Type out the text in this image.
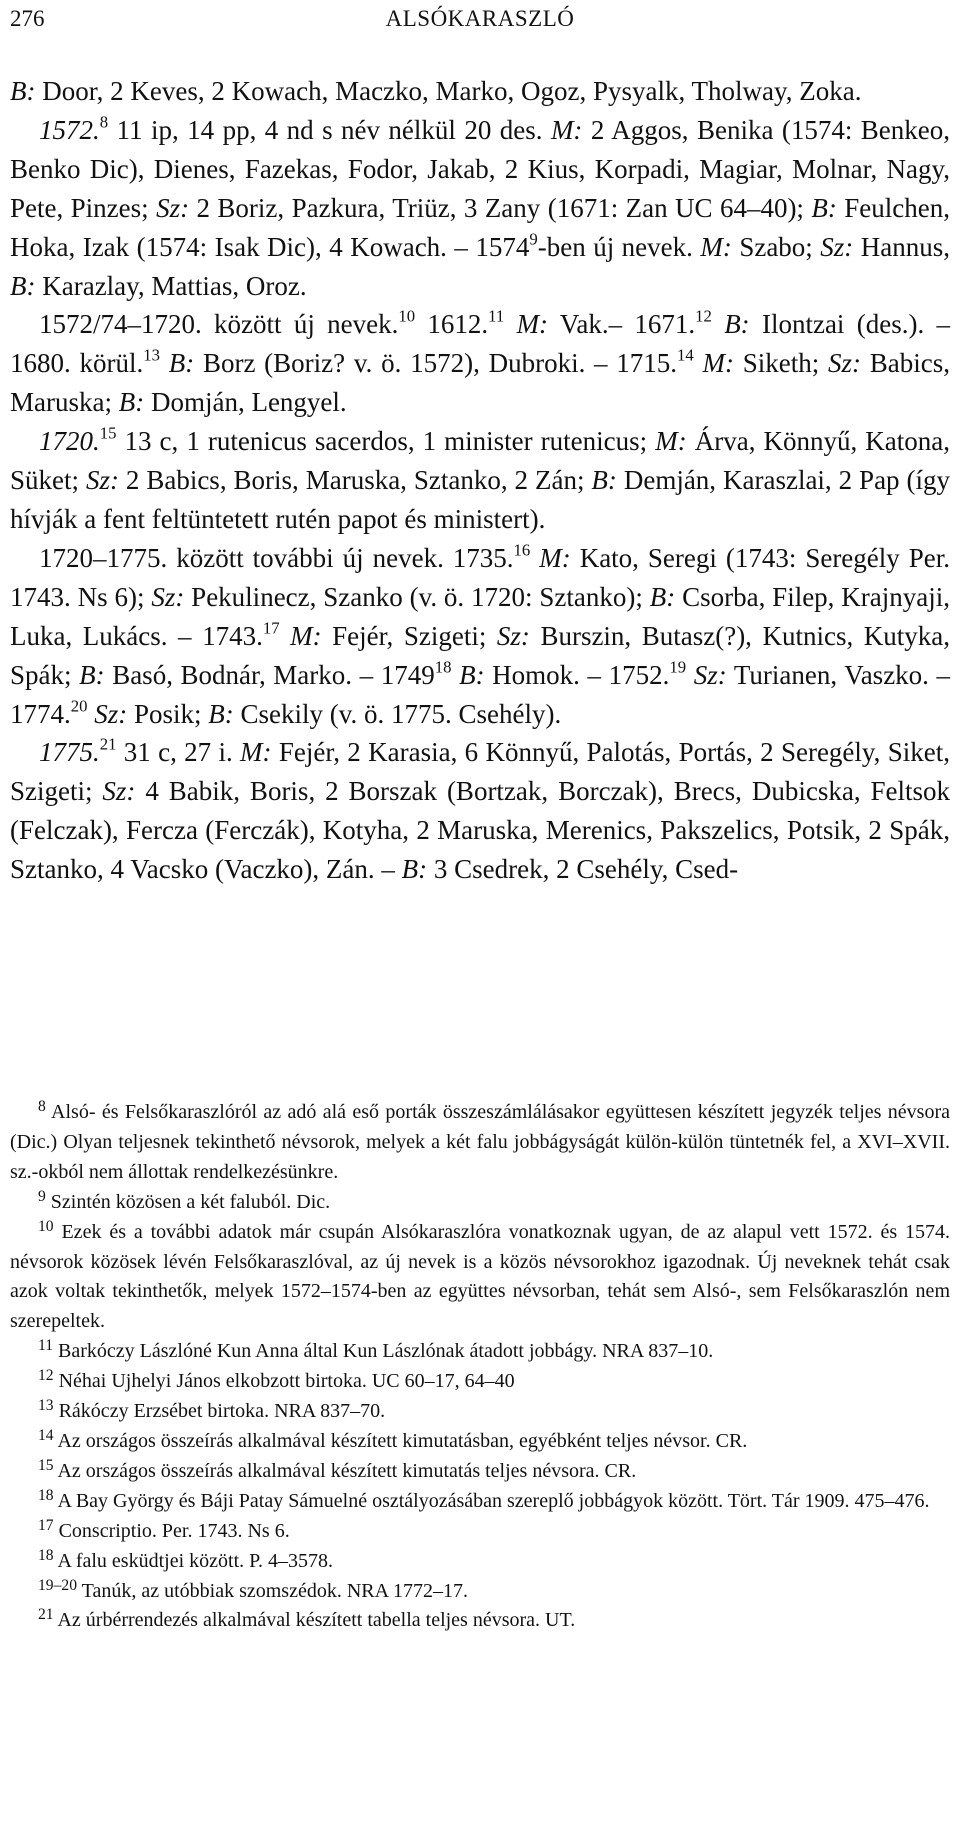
276	ALSÓKARASZLÓ

B: Door, 2 Keves, 2 Kowach, Maczko, Marko, Ogoz, Pysyalk, Tholway, Zoka.

1572.$^8$ 11 ip, 14 pp, 4 nd s név nélkül 20 des. M: 2 Aggos, Benika (1574: Benkeo, Benko Dic), Dienes, Fazekas, Fodor, Jakab, 2 Kius, Korpadi, Magiar, Molnar, Nagy, Pete, Pinzes; Sz: 2 Boriz, Pazkura, Triüz, 3 Zany (1671: Zan UC 64–40); B: Feulchen, Hoka, Izak (1574: Isak Dic), 4 Kowach. – 1574$^9$-ben új nevek. M: Szabo; Sz: Hannus, B: Karazlay, Mattias, Oroz.

1572/74–1720. között új nevek.$^{10}$ 1612.11 M: Vak.– 1671.12 B: Ilontzai (des.). – 1680. körül.$^{13}$ B: Borz (Boriz? v. ö. 1572), Dubroki. – 1715.14 M: Siketh; Sz: Babics, Maruska; B: Domján, Lengyel.

1720.15 13 c, 1 rutenicus sacerdos, 1 minister rutenicus; M: Árva, Könnyű, Katona, Süket; Sz: 2 Babics, Boris, Maruska, Sztanko, 2 Zán; B: Demján, Karaszlai, 2 Pap (így hívják a fent feltüntetett rutén papot és ministert).

1720–1775. között további új nevek. 1735.16 M: Kato, Seregi (1743: Seregély Per. 1743. Ns 6); Sz: Pekulinecz, Szanko (v. ö. 1720: Sztanko); B: Csorba, Filep, Krajnyaji, Luka, Lukács. – 1743.17 M: Fejér, Szigeti; Sz: Burszin, Butasz(?), Kutnics, Kutyka, Spák; B: Basó, Bodnár, Marko. – 1749$^{18}$ B: Homok. – 1752.19 Sz: Turianen, Vaszko. – 1774.20 Sz: Posik; B: Csekily (v. ö. 1775. Csehély).

1775.21 31 c, 27 i. M: Fejér, 2 Karasia, 6 Könnyű, Palotás, Portás, 2 Seregély, Siket, Szigeti; Sz: 4 Babik, Boris, 2 Borszak (Bortzak, Borczak), Brecs, Dubicska, Feltsok (Felczak), Fercza (Ferczák), Kotyha, 2 Maruska, Merenics, Pakszelics, Potsik, 2 Spák, Sztanko, 4 Vacsko (Vaczko), Zán. – B: 3 Csedrek, 2 Csehély, Csed-

$^8$ Alsó- és Felsőkaraszlóról az adó alá eső porták összeszámlálásakor együttesen készített jegyzék teljes névsora (Dic.) Olyan teljesnek tekinthető névsorok, melyek a két falu jobbágyságát külön-külön tüntetnék fel, a XVI–XVII. sz.-okból nem állottak rendelkezésünkre.

$^9$ Szintén közösen a két faluból. Dic.

$^{10}$ Ezek és a további adatok már csupán Alsókaraszlóra vonatkoznak ugyan, de az alapul vett 1572. és 1574. névsorok közösek lévén Felsőkaraszlóval, az új nevek is a közös névsorokhoz igazodnak. Új neveknek tehát csak azok voltak tekinthetők, melyek 1572–1574-ben az együttes névsorban, tehát sem Alsó-, sem Felsőkaraszlón nem szerepeltek.

$^{11}$ Barkóczy Lászlóné Kun Anna által Kun Lászlónak átadott jobbágy. NRA 837–10.

$^{12}$ Néhai Ujhelyi János elkobzott birtoka. UC 60–17, 64–40

$^{13}$ Rákóczy Erzsébet birtoka. NRA 837–70.

$^{14}$ Az országos összeírás alkalmával készített kimutatásban, egyébként teljes névsor. CR.

$^{15}$ Az országos összeírás alkalmával készített kimutatás teljes névsora. CR.

$^{18}$ A Bay György és Báji Patay Sámuelné osztályozásában szereplő jobbágyok között. Tört. Tár 1909. 475–476.

$^{17}$ Conscriptio. Per. 1743. Ns 6.

$^{18}$ A falu esküdtjei között. P. 4–3578.

$^{19-20}$ Tanúk, az utóbbiak szomszédok. NRA 1772–17.

$^{21}$ Az úrbérrendezés alkalmával készített tabella teljes névsora. UT.
